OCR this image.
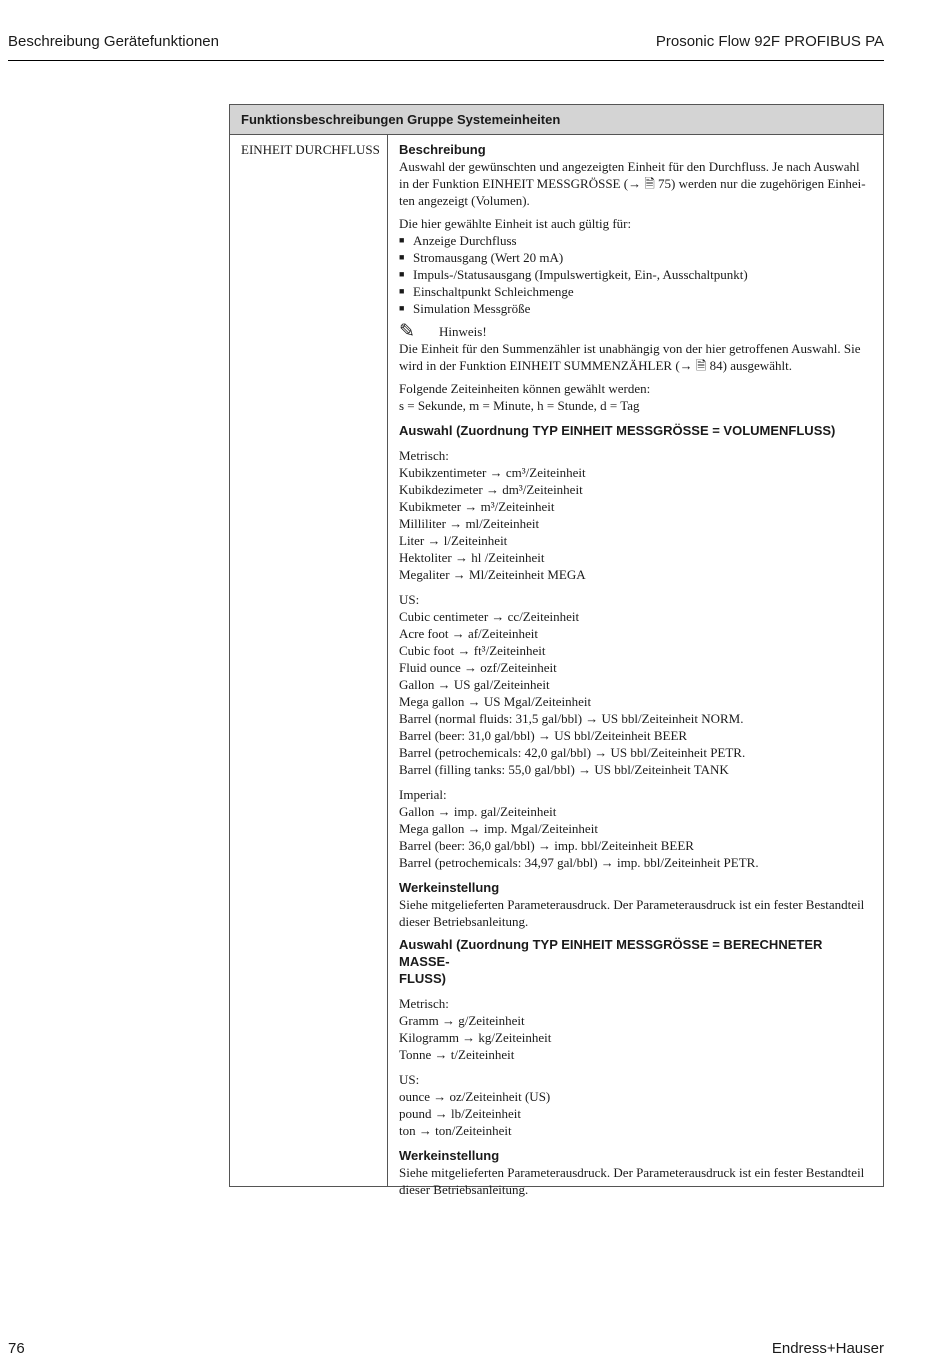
Beschreibung Gerätefunktionen	Prosonic Flow 92F PROFIBUS PA
Funktionsbeschreibungen Gruppe Systemeinheiten
EINHEIT DURCHFLUSS	Beschreibung
Auswahl der gewünschten und angezeigten Einheit für den Durchfluss. Je nach Auswahl
in der Funktion EINHEIT MESSGRÖSSE (→ 🗎 75) werden nur die zugehörigen Einhei-
ten angezeigt (Volumen).
Die hier gewählte Einheit ist auch gültig für:
■ Anzeige Durchfluss
■ Stromausgang (Wert 20 mA)
■ Impuls-/Statusausgang (Impulswertigkeit, Ein-, Ausschaltpunkt)
■ Einschaltpunkt Schleichmenge
■ Simulation Messgröße
✎	Hinweis!
Die Einheit für den Summenzähler ist unabhängig von der hier getroffenen Auswahl. Sie
wird in der Funktion EINHEIT SUMMENZÄHLER (→ 🗎 84) ausgewählt.
Folgende Zeiteinheiten können gewählt werden:
s = Sekunde, m = Minute, h = Stunde, d = Tag
Auswahl (Zuordnung TYP EINHEIT MESSGRÖSSE = VOLUMENFLUSS)
Metrisch:
Kubikzentimeter → cm³/Zeiteinheit
Kubikdezimeter → dm³/Zeiteinheit
Kubikmeter → m³/Zeiteinheit
Milliliter → ml/Zeiteinheit
Liter → l/Zeiteinheit
Hektoliter → hl /Zeiteinheit
Megaliter → Ml/Zeiteinheit MEGA
US:
Cubic centimeter → cc/Zeiteinheit
Acre foot → af/Zeiteinheit
Cubic foot → ft³/Zeiteinheit
Fluid ounce → ozf/Zeiteinheit
Gallon → US gal/Zeiteinheit
Mega gallon → US Mgal/Zeiteinheit
Barrel (normal fluids: 31,5 gal/bbl) → US bbl/Zeiteinheit NORM.
Barrel (beer: 31,0 gal/bbl) → US bbl/Zeiteinheit BEER
Barrel (petrochemicals: 42,0 gal/bbl) → US bbl/Zeiteinheit PETR.
Barrel (filling tanks: 55,0 gal/bbl) → US bbl/Zeiteinheit TANK
Imperial:
Gallon → imp. gal/Zeiteinheit
Mega gallon → imp. Mgal/Zeiteinheit
Barrel (beer: 36,0 gal/bbl) → imp. bbl/Zeiteinheit BEER
Barrel (petrochemicals: 34,97 gal/bbl) → imp. bbl/Zeiteinheit PETR.
Werkeinstellung
Siehe mitgelieferten Parameterausdruck. Der Parameterausdruck ist ein fester Bestandteil
dieser Betriebsanleitung.
Auswahl (Zuordnung TYP EINHEIT MESSGRÖSSE = BERECHNETER MASSE-
FLUSS)
Metrisch:
Gramm → g/Zeiteinheit
Kilogramm → kg/Zeiteinheit
Tonne → t/Zeiteinheit
US:
ounce → oz/Zeiteinheit (US)
pound → lb/Zeiteinheit
ton → ton/Zeiteinheit
Werkeinstellung
Siehe mitgelieferten Parameterausdruck. Der Parameterausdruck ist ein fester Bestandteil
dieser Betriebsanleitung.
76	Endress+Hauser
